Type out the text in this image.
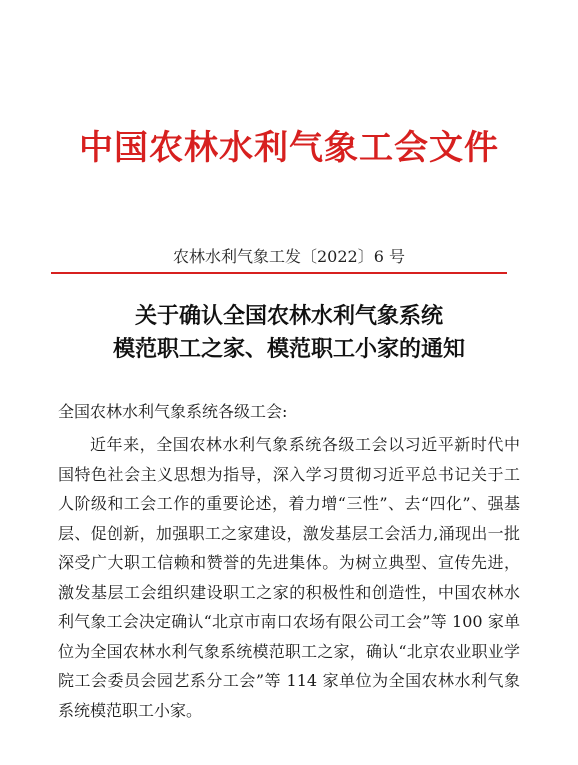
中国农林水利气象工会文件
农林水利气象工发〔2022〕6 号
关于确认全国农林水利气象系统
模范职工之家、模范职工小家的通知
全国农林水利气象系统各级工会:
近年来，全国农林水利气象系统各级工会以习近平新时代中
国特色社会主义思想为指导，深入学习贯彻习近平总书记关于工
人阶级和工会工作的重要论述，着力增“三性”、去“四化”、强基
层、促创新，加强职工之家建设，激发基层工会活力,涌现出一批
深受广大职工信赖和赞誉的先进集体。为树立典型、宣传先进，
激发基层工会组织建设职工之家的积极性和创造性，中国农林水
利气象工会决定确认“北京市南口农场有限公司工会”等 100 家单
位为全国农林水利气象系统模范职工之家，确认“北京农业职业学
院工会委员会园艺系分工会”等 114 家单位为全国农林水利气象
系统模范职工小家。
